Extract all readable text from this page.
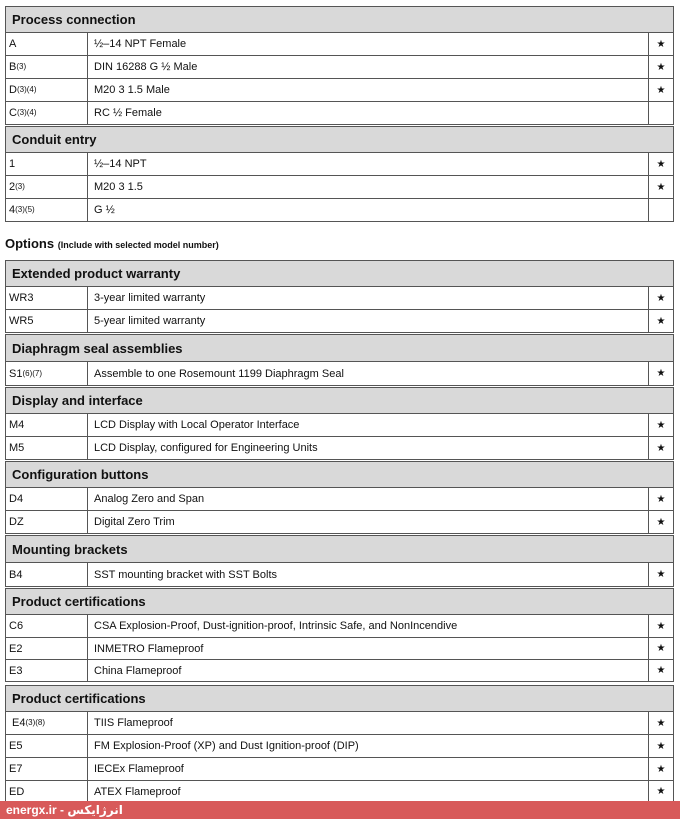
Process connection
A	½–14 NPT Female	★
B (3)	DIN 16288 G ½ Male	★
D (3)(4)	M20 3 1.5 Male	★
C (3)(4)	RC ½ Female
Conduit entry
1	½–14 NPT	★
2 (3)	M20 3 1.5	★
4 (3)(5)	G ½
Options (Include with selected model number)
Extended product warranty
WR3	3-year limited warranty	★
WR5	5-year limited warranty	★
Diaphragm seal assemblies
S1 (6)(7)	Assemble to one Rosemount 1199 Diaphragm Seal	★
Display and interface
M4	LCD Display with Local Operator Interface	★
M5	LCD Display, configured for Engineering Units	★
Configuration buttons
D4	Analog Zero and Span	★
DZ	Digital Zero Trim	★
Mounting brackets
B4	SST mounting bracket with SST Bolts	★
Product certifications
C6	CSA Explosion-Proof, Dust-ignition-proof, Intrinsic Safe, and NonIncendive	★
E2	INMETRO Flameproof	★
E3	China Flameproof	★
Product certifications
E4 (3)(8)	TIIS Flameproof	★
E5	FM Explosion-Proof (XP) and Dust Ignition-proof (DIP)	★
E7	IECEx Flameproof	★
ED	ATEX Flameproof	★
energx.ir - انرژایکس
